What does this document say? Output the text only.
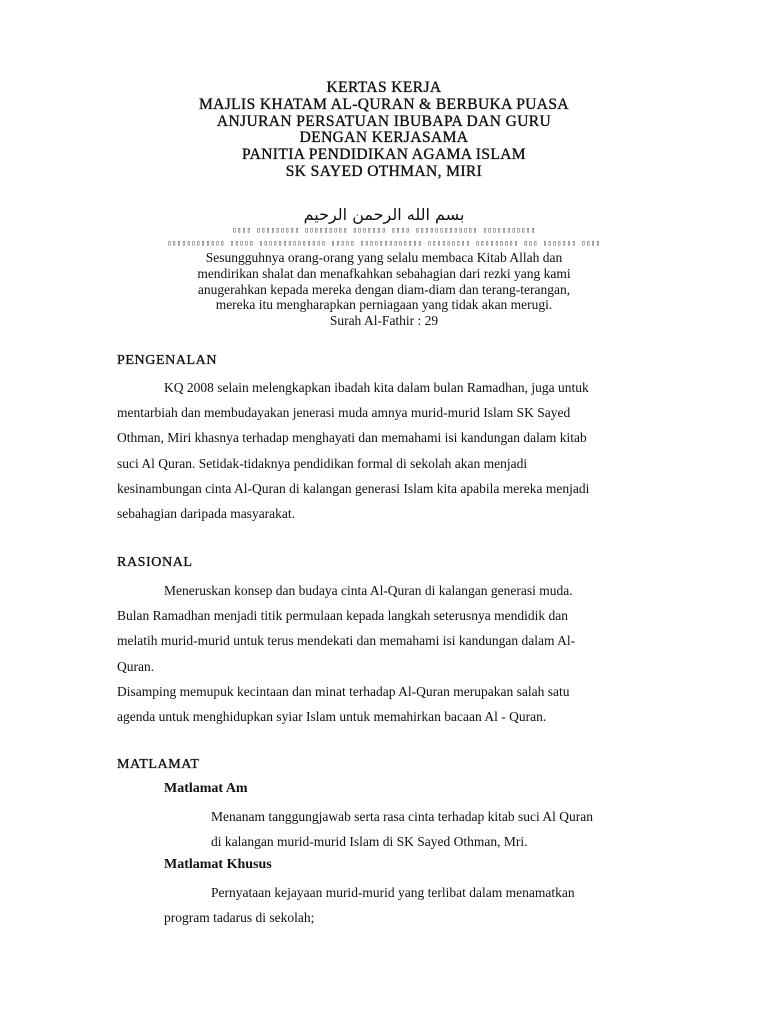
KERTAS KERJA
MAJLIS KHATAM AL-QURAN & BERBUKA PUASA
ANJURAN PERSATUAN IBUBAPA DAN GURU
DENGAN KERJASAMA
PANITIA PENDIDIKAN AGAMA ISLAM
SK SAYED OTHMAN, MIRI
بسم الله الرحمن الرحيم
▯▯▯▯ ▯▯▯▯▯▯▯▯▯ ▯▯▯▯▯▯▯▯▯ ▯▯▯▯▯▯▯ ▯▯▯▯ ▯▯▯▯▯▯▯▯▯▯▯▯▯ ▯▯▯▯▯▯▯▯▯▯▯
▯▯▯▯▯▯▯▯▯▯▯▯ ▯▯▯▯▯ ▯▯▯▯▯▯▯▯▯▯▯▯▯▯ ▯▯▯▯▯ ▯▯▯▯▯▯▯▯▯▯▯▯▯ ▯▯▯▯▯▯▯▯▯ ▯▯▯▯▯▯▯▯▯ ▯▯▯ ▯▯▯▯▯▯▯ ▯▯▯▯
Sesungguhnya orang-orang yang selalu membaca Kitab Allah dan
mendirikan shalat dan menafkahkan sebahagian dari rezki yang kami
anugerahkan kepada mereka dengan diam-diam dan terang-terangan,
mereka itu mengharapkan perniagaan yang tidak akan merugi.
Surah Al-Fathir : 29
PENGENALAN
KQ 2008 selain melengkapkan ibadah kita dalam bulan Ramadhan, juga untuk
mentarbiah dan membudayakan jenerasi muda amnya murid-murid Islam SK Sayed
Othman, Miri khasnya terhadap menghayati dan memahami isi kandungan dalam kitab
suci Al Quran. Setidak-tidaknya pendidikan formal di sekolah akan menjadi
kesinambungan cinta Al-Quran di kalangan generasi Islam kita apabila mereka menjadi
sebahagian daripada masyarakat.
RASIONAL
Meneruskan konsep dan budaya cinta Al-Quran di kalangan generasi muda.
Bulan Ramadhan menjadi titik permulaan kepada langkah seterusnya mendidik dan
melatih murid-murid untuk terus mendekati dan memahami isi kandungan dalam Al-
Quran.
Disamping memupuk kecintaan dan minat terhadap Al-Quran merupakan salah satu
agenda untuk menghidupkan syiar Islam untuk memahirkan bacaan Al - Quran.
MATLAMAT
Matlamat Am
Menanam tanggungjawab serta rasa cinta terhadap kitab suci Al Quran
di kalangan murid-murid Islam di SK Sayed Othman, Mri.
Matlamat Khusus
Pernyataan kejayaan murid-murid yang terlibat dalam menamatkan
program tadarus di sekolah;
